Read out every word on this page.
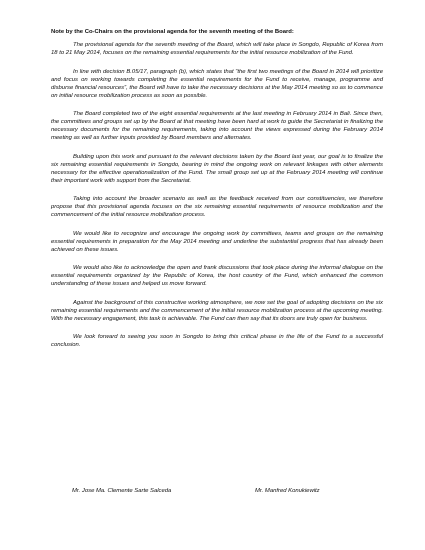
Note by the Co-Chairs on the provisional agenda for the seventh meeting of the Board:

The provisional agenda for the seventh meeting of the Board, which will take place in Songdo, Republic of Korea from 18 to 21 May 2014, focuses on the remaining essential requirements for the initial resource mobilization of the Fund.

In line with decision B.05/17, paragraph (b), which states that “the first two meetings of the Board in 2014 will prioritize and focus on working towards completing the essential requirements for the Fund to receive, manage, programme and disburse financial resources”, the Board will have to take the necessary decisions at the May 2014 meeting so as to commence on initial resource mobilization process as soon as possible.

The Board completed two of the eight essential requirements at the last meeting in February 2014 in Bali. Since then, the committees and groups set up by the Board at that meeting have been hard at work to guide the Secretariat in finalizing the necessary documents for the remaining requirements, taking into account the views expressed during the February 2014 meeting as well as further inputs provided by Board members and alternates.

Building upon this work and pursuant to the relevant decisions taken by the Board last year, our goal is to finalize the six remaining essential requirements in Songdo, bearing in mind the ongoing work on relevant linkages with other elements necessary for the effective operationalization of the Fund. The small group set up at the February 2014 meeting will continue their important work with support from the Secretariat.

Taking into account the broader scenario as well as the feedback received from our constituencies, we therefore propose that this provisional agenda focuses on the six remaining essential requirements of resource mobilization and the commencement of the initial resource mobilization process.

We would like to recognize and encourage the ongoing work by committees, teams and groups on the remaining essential requirements in preparation for the May 2014 meeting and underline the substantial progress that has already been achieved on these issues.

We would also like to acknowledge the open and frank discussions that took place during the informal dialogue on the essential requirements organized by the Republic of Korea, the host country of the Fund, which enhanced the common understanding of these issues and helped us move forward.

Against the background of this constructive working atmosphere, we now set the goal of adopting decisions on the six remaining essential requirements and the commencement of the initial resource mobilization process at the upcoming meeting. With the necessary engagement, this task is achievable. The Fund can then say that its doors are truly open for business.

We look forward to seeing you soon in Songdo to bring this critical phase in the life of the Fund to a successful conclusion.

Mr. Jose Ma. Clemente Sarte Salceda	Mr. Manfred Konukiewitz
